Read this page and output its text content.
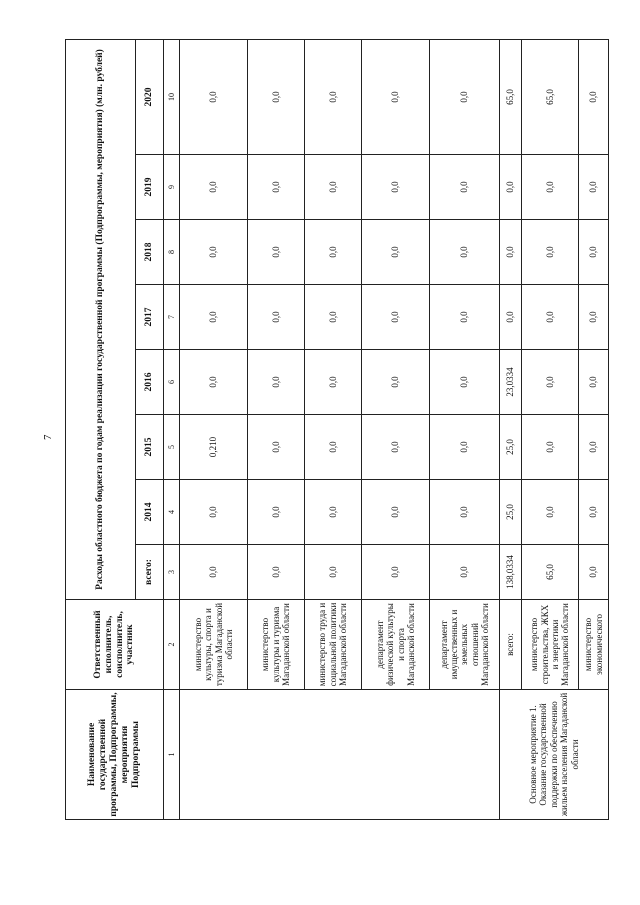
7
Наименование государственной программы, Подпрограммы, мероприятия Подпрограммы	Ответственный исполнитель, соисполнитель, участник	Расходы областного бюджета по годам реализации государственной программы (Подпрограммы, мероприятия) (млн. рублей)							
		всего:	2014	2015	2016	2017	2018	2019	2020
1	2	3	4	5	6	7	8	9	10
	министерство культуры, спорта и туризма Магаданской области	0,0	0,0	0,210	0,0	0,0	0,0	0,0	0,0
	министерство культуры и туризма Магаданской области	0,0	0,0	0,0	0,0	0,0	0,0	0,0	0,0
	министерство труда и социальной политики Магаданской области	0,0	0,0	0,0	0,0	0,0	0,0	0,0	0,0
	департамент физической культуры и спорта Магаданской области	0,0	0,0	0,0	0,0	0,0	0,0	0,0	0,0
	департамент имущественных и земельных отношений Магаданской области	0,0	0,0	0,0	0,0	0,0	0,0	0,0	0,0
Основное мероприятие 1. Оказание государственной поддержки по обеспечению жильем населения Магаданской области	всего:	138,0334	25,0	25,0	23,0334	0,0	0,0	0,0	65,0
	министерство строительства, ЖКХ и энергетики Магаданской области	65,0	0,0	0,0	0,0	0,0	0,0	0,0	65,0
	министерство экономического	0,0	0,0	0,0	0,0	0,0	0,0	0,0	0,0
